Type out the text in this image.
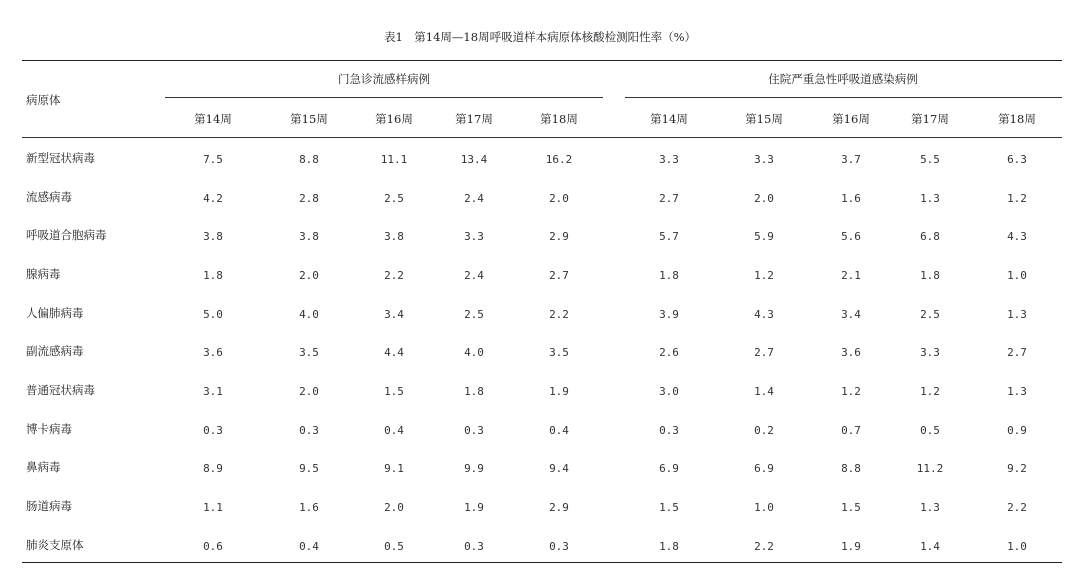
表1　第14周—18周呼吸道样本病原体核酸检测阳性率（%）
病原体
门急诊流感样病例	住院严重急性呼吸道感染病例
第14周	第15周	第16周	第17周	第18周	第14周	第15周	第16周	第17周	第18周
新型冠状病毒	7.5	8.8	11.1	13.4	16.2	3.3	3.3	3.7	5.5	6.3
流感病毒	4.2	2.8	2.5	2.4	2.0	2.7	2.0	1.6	1.3	1.2
呼吸道合胞病毒	3.8	3.8	3.8	3.3	2.9	5.7	5.9	5.6	6.8	4.3
腺病毒	1.8	2.0	2.2	2.4	2.7	1.8	1.2	2.1	1.8	1.0
人偏肺病毒	5.0	4.0	3.4	2.5	2.2	3.9	4.3	3.4	2.5	1.3
副流感病毒	3.6	3.5	4.4	4.0	3.5	2.6	2.7	3.6	3.3	2.7
普通冠状病毒	3.1	2.0	1.5	1.8	1.9	3.0	1.4	1.2	1.2	1.3
博卡病毒	0.3	0.3	0.4	0.3	0.4	0.3	0.2	0.7	0.5	0.9
鼻病毒	8.9	9.5	9.1	9.9	9.4	6.9	6.9	8.8	11.2	9.2
肠道病毒	1.1	1.6	2.0	1.9	2.9	1.5	1.0	1.5	1.3	2.2
肺炎支原体	0.6	0.4	0.5	0.3	0.3	1.8	2.2	1.9	1.4	1.0
